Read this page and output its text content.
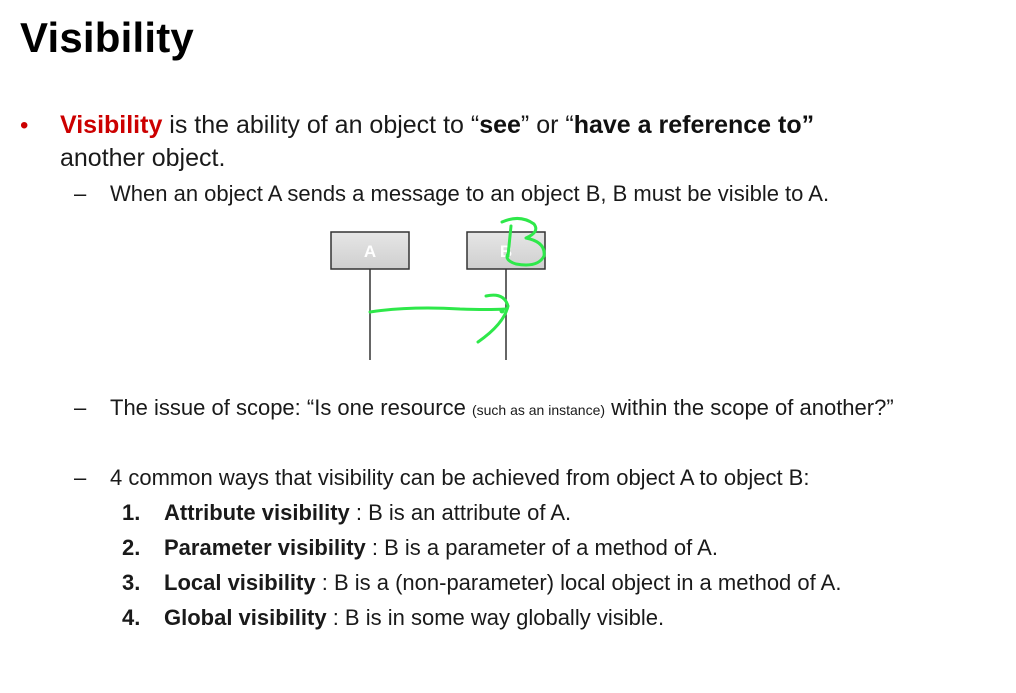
Visibility
• Visibility is the ability of an object to “see” or “have a reference to”
another object.
– When an object A sends a message to an object B, B must be visible to A.
A	B
– The issue of scope: “Is one resource (such as an instance) within the scope of another?”
– 4 common ways that visibility can be achieved from object A to object B:
1. Attribute visibility : B is an attribute of A.
2. Parameter visibility : B is a parameter of a method of A.
3. Local visibility : B is a (non-parameter) local object in a method of A.
4. Global visibility : B is in some way globally visible.
